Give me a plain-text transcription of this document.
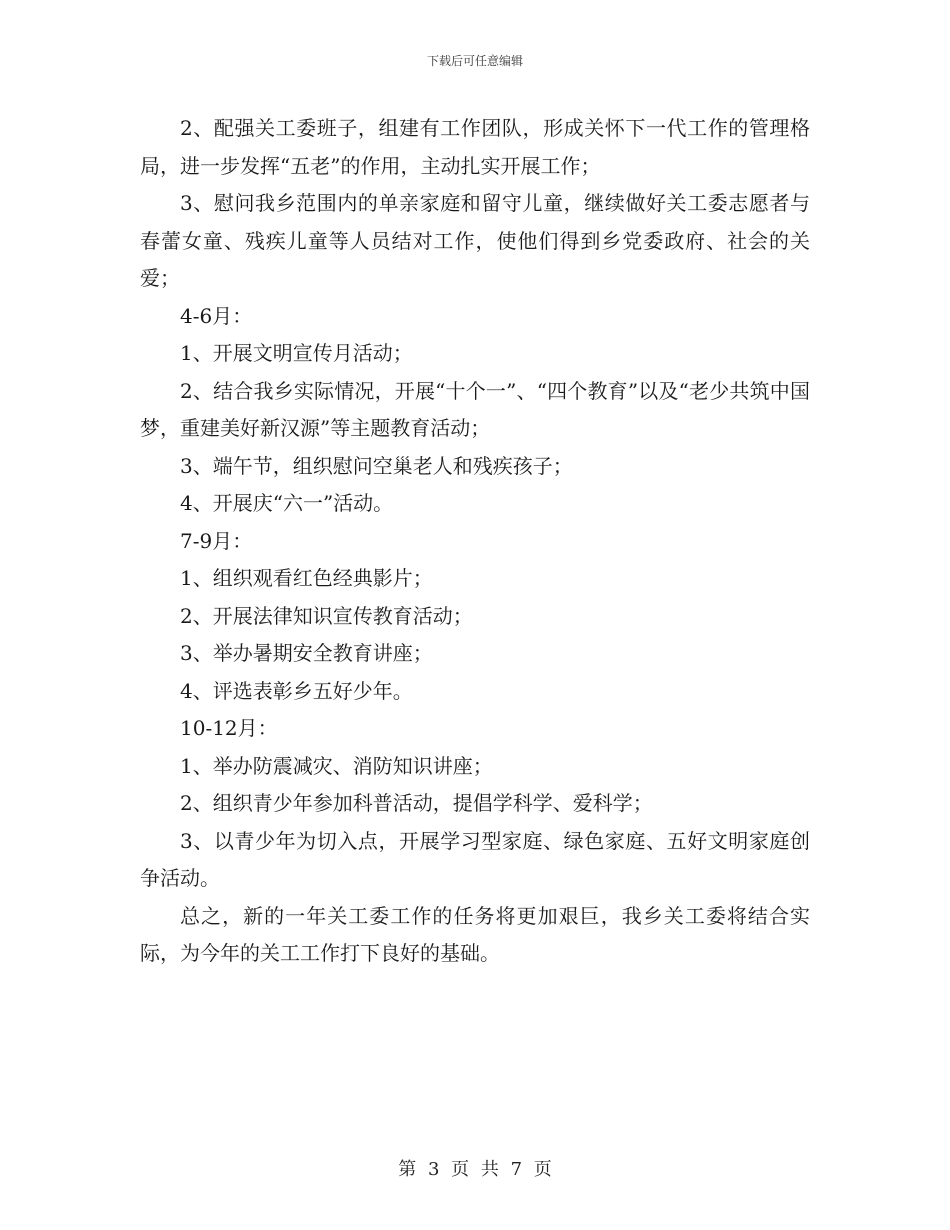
下载后可任意编辑

2、配强关工委班子，组建有工作团队，形成关怀下一代工作的管理格局，进一步发挥“五老”的作用，主动扎实开展工作；

3、慰问我乡范围内的单亲家庭和留守儿童，继续做好关工委志愿者与春蕾女童、残疾儿童等人员结对工作，使他们得到乡党委政府、社会的关爱；

4-6月：

1、开展文明宣传月活动；

2、结合我乡实际情况，开展“十个一”、“四个教育”以及“老少共筑中国梦，重建美好新汉源”等主题教育活动；

3、端午节，组织慰问空巢老人和残疾孩子；

4、开展庆“六一”活动。

7-9月：

1、组织观看红色经典影片；

2、开展法律知识宣传教育活动；

3、举办暑期安全教育讲座；

4、评选表彰乡五好少年。

10-12月：

1、举办防震减灾、消防知识讲座；

2、组织青少年参加科普活动，提倡学科学、爱科学；

3、以青少年为切入点，开展学习型家庭、绿色家庭、五好文明家庭创争活动。

总之，新的一年关工委工作的任务将更加艰巨，我乡关工委将结合实际，为今年的关工工作打下良好的基础。

第 3 页 共 7 页
